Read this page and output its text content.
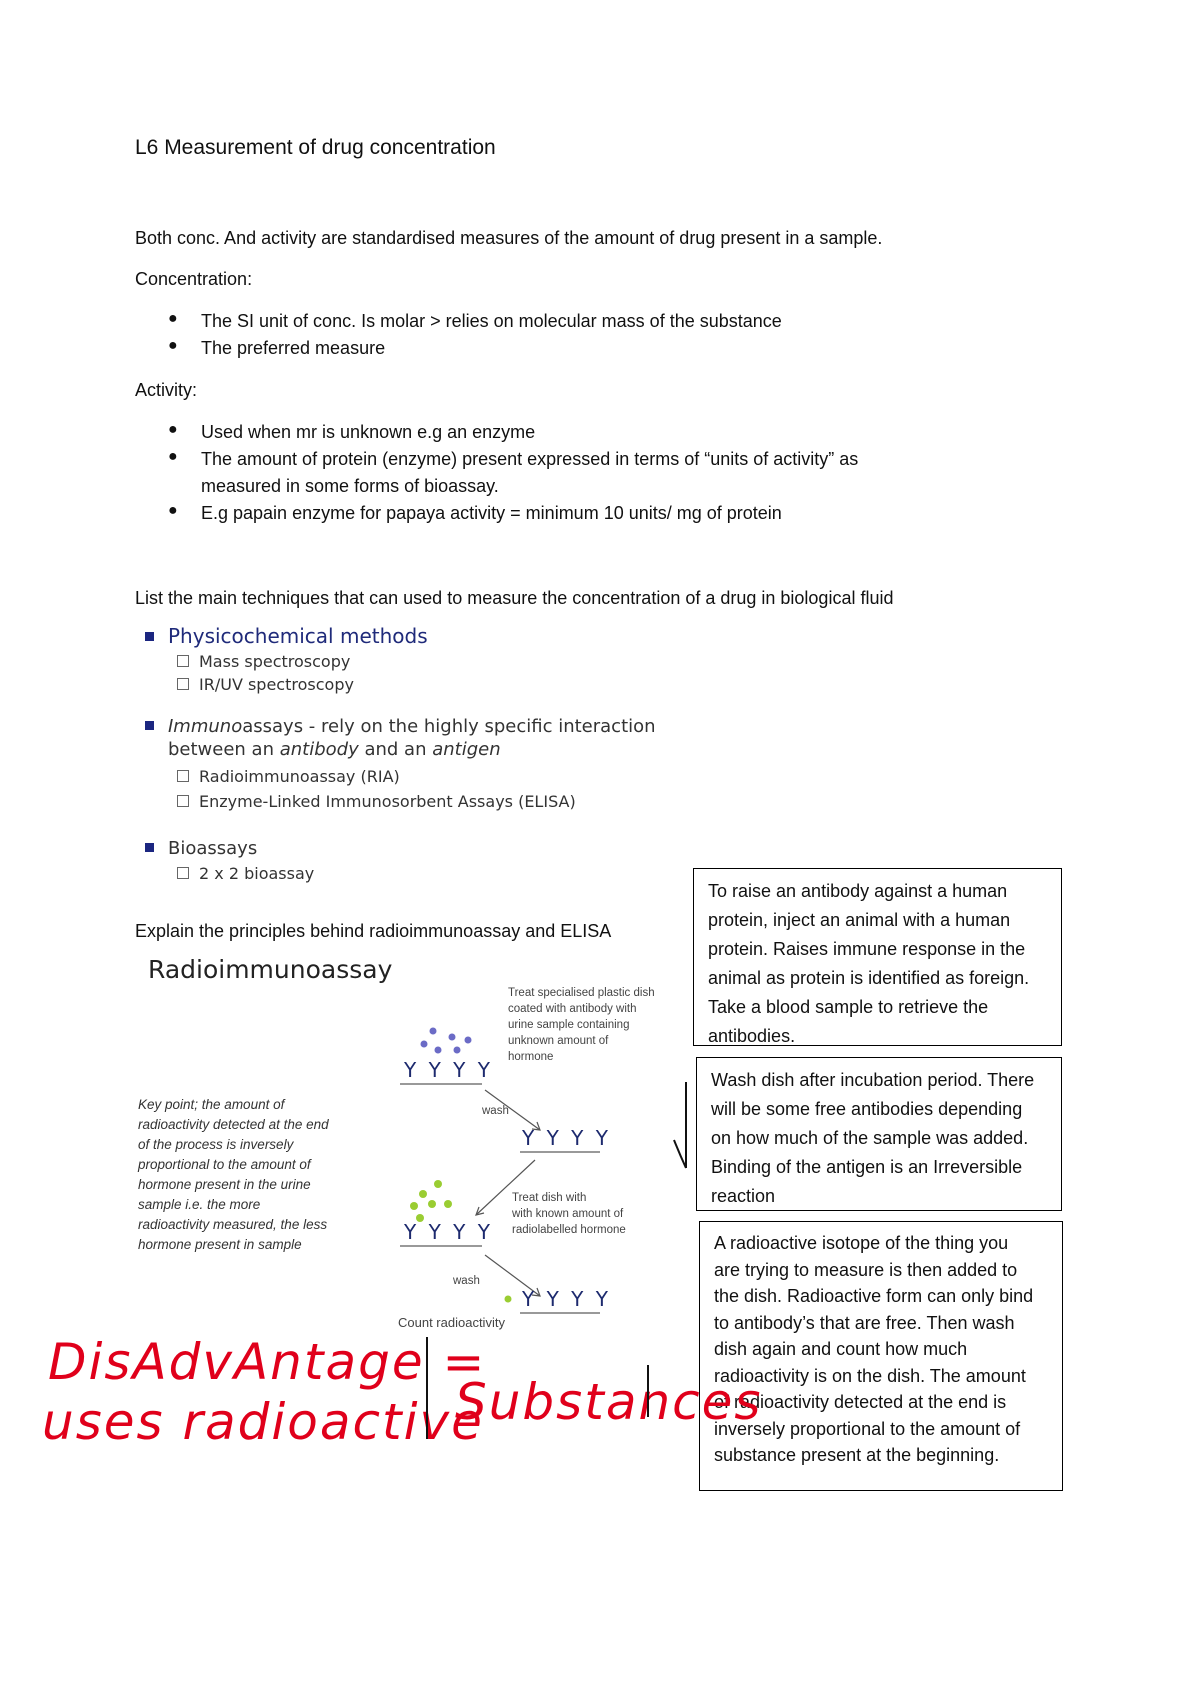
L6 Measurement of drug concentration
Both conc. And activity are standardised measures of the amount of drug present in a sample.
Concentration:
● The SI unit of conc. Is molar > relies on molecular mass of the substance
● The preferred measure
Activity:
● Used when mr is unknown e.g an enzyme
● The amount of protein (enzyme) present expressed in terms of “units of activity” as
measured in some forms of bioassay.
● E.g papain enzyme for papaya activity = minimum 10 units/ mg of protein
List the main techniques that can used to measure the concentration of a drug in biological fluid
Physicochemical methods
Mass spectroscopy
IR/UV spectroscopy
Immunoassays - rely on the highly specific interaction
between an antibody and an antigen
Radioimmunoassay (RIA)
Enzyme-Linked Immunosorbent Assays (ELISA)
Bioassays
2 x 2 bioassay
Explain the principles behind radioimmunoassay and ELISA
Radioimmunoassay
Key point; the amount of
radioactivity detected at the end
of the process is inversely
proportional to the amount of
hormone present in the urine
sample i.e. the more
radioactivity measured, the less
hormone present in sample
Treat specialised plastic dish
coated with antibody with
urine sample containing
unknown amount of
hormone
Y Y Y Y
wash
Y Y Y Y
Treat dish with
with known amount of
radiolabelled hormone
Y Y Y Y
wash
Y Y Y Y
Count radioactivity
To raise an antibody against a human
protein, inject an animal with a human
protein. Raises immune response in the
animal as protein is identified as foreign.
Take a blood sample to retrieve the
antibodies.
Wash dish after incubation period. There
will be some free antibodies depending
on how much of the sample was added.
Binding of the antigen is an Irreversible
reaction
A radioactive isotope of the thing you
are trying to measure is then added to
the dish. Radioactive form can only bind
to antibody’s that are free. Then wash
dish again and count how much
radioactivity is on the dish. The amount
of radioactivity detected at the end is
inversely proportional to the amount of
substance present at the beginning.
DisAdvAntage =
uses radioactive
Substances
